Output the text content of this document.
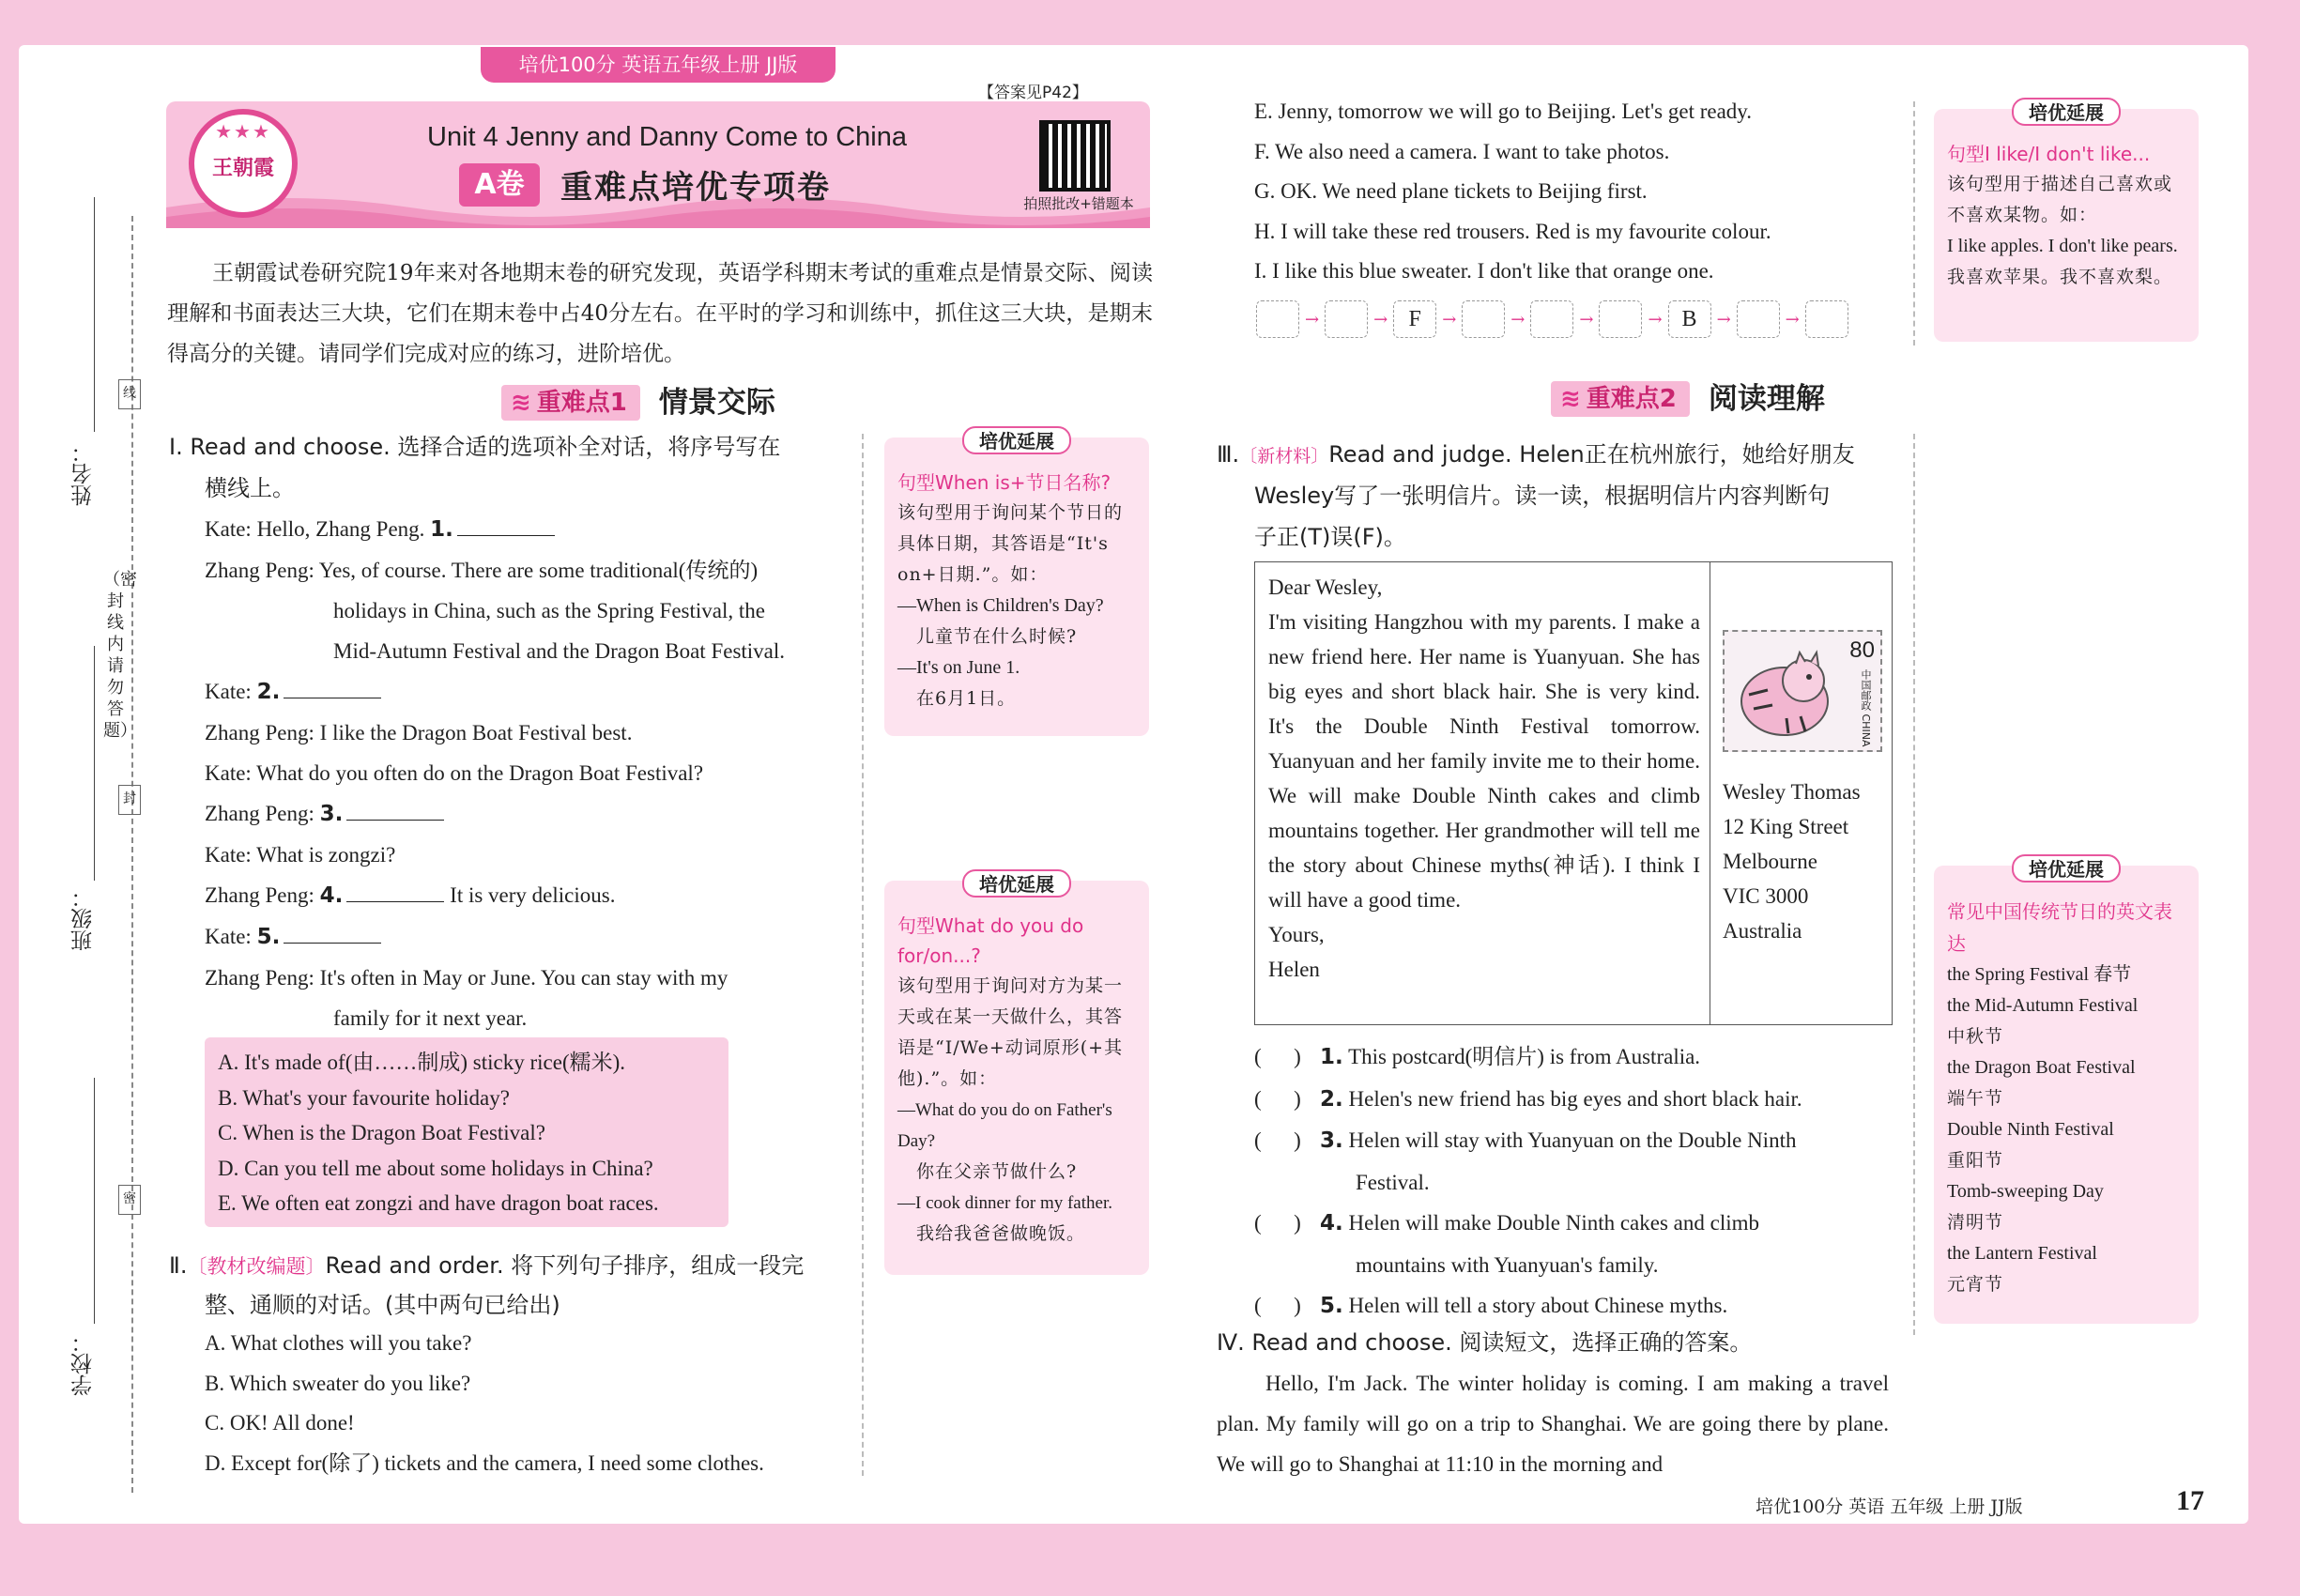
培优100分 英语五年级上册 JJ版
姓名：
班级：
学校：
线
封
密
（密封线内请勿答题）
★★★
王朝霞
Unit 4 Jenny and Danny Come to China
A卷	重难点培优专项卷	拍照批改+错题本
【答案见P42】
王朝霞试卷研究院19年来对各地期末卷的研究发现，英语学科期末考试的重难点是情景交际、阅读理解和书面表达三大块，它们在期末卷中占40分左右。在平时的学习和训练中，抓住这三大块，是期末得高分的关键。请同学们完成对应的练习，进阶培优。
≋ 重难点1 情景交际
Ⅰ. Read and choose. 选择合适的选项补全对话，将序号写在
横线上。
Kate: Hello, Zhang Peng. 1.
Zhang Peng: Yes, of course. There are some traditional(传统的)
holidays in China, such as the Spring Festival, the
Mid-Autumn Festival and the Dragon Boat Festival.
Kate: 2.
Zhang Peng: I like the Dragon Boat Festival best.
Kate: What do you often do on the Dragon Boat Festival?
Zhang Peng: 3.
Kate: What is zongzi?
Zhang Peng: 4.	It is very delicious.
Kate: 5.
Zhang Peng: It's often in May or June. You can stay with my
family for it next year.
A. It's made of(由……制成) sticky rice(糯米).
B. What's your favourite holiday?
C. When is the Dragon Boat Festival?
D. Can you tell me about some holidays in China?
E. We often eat zongzi and have dragon boat races.
Ⅱ.〔教材改编题〕Read and order. 将下列句子排序，组成一段完
整、通顺的对话。(其中两句已给出)
A. What clothes will you take?
B. Which sweater do you like?
C. OK! All done!
D. Except for(除了) tickets and the camera, I need some clothes.
培优延展
句型When is+节日名称?
该句型用于询问某个节日的具体日期，其答语是“It's on+日期.”。如：
—When is Children's Day?
儿童节在什么时候?
—It's on June 1.
在6月1日。
培优延展
句型What do you do for/on...?
该句型用于询问对方为某一天或在某一天做什么，其答语是“I/We+动词原形(+其他).”。如：
—What do you do on Father's Day?
你在父亲节做什么?
—I cook dinner for my father.
我给我爸爸做晚饭。
E. Jenny, tomorrow we will go to Beijing. Let's get ready.
F. We also need a camera. I want to take photos.
G. OK. We need plane tickets to Beijing first.
H. I will take these red trousers. Red is my favourite colour.
I. I like this blue sweater. I don't like that orange one.
→	→ F	→	→	→	→ B	→	→
培优延展
句型I like/I don't like...
该句型用于描述自己喜欢或不喜欢某物。如：
I like apples. I don't like pears.
我喜欢苹果。我不喜欢梨。
≋ 重难点2 阅读理解
Ⅲ.〔新材料〕Read and judge. Helen正在杭州旅行，她给好朋友
Wesley写了一张明信片。读一读，根据明信片内容判断句
子正(T)误(F)。
Dear Wesley,
I'm visiting Hangzhou with my parents. I make a new friend here. Her name is Yuanyuan. She has big eyes and short black hair. She is very kind. It's the Double Ninth Festival tomorrow. Yuanyuan and her family invite me to their home. We will make Double Ninth cakes and climb mountains together. Her grandmother will tell me the story about Chinese myths(神话). I think I will have a good time.
Yours,
Helen
80
中国邮政 CHINA
Wesley Thomas
12 King Street
Melbourne
VIC 3000
Australia
(      ) 1. This postcard(明信片) is from Australia.
(      ) 2. Helen's new friend has big eyes and short black hair.
(      ) 3. Helen will stay with Yuanyuan on the Double Ninth
Festival.
(      ) 4. Helen will make Double Ninth cakes and climb
mountains with Yuanyuan's family.
(      ) 5. Helen will tell a story about Chinese myths.
Ⅳ. Read and choose. 阅读短文，选择正确的答案。
Hello, I'm Jack. The winter holiday is coming. I am making a travel plan. My family will go on a trip to Shanghai. We are going there by plane. We will go to Shanghai at 11:10 in the morning and
培优延展
常见中国传统节日的英文表达
the Spring Festival 春节
the Mid-Autumn Festival
中秋节
the Dragon Boat Festival
端午节
Double Ninth Festival
重阳节
Tomb-sweeping Day
清明节
the Lantern Festival
元宵节
培优100分 英语 五年级 上册 JJ版	17
